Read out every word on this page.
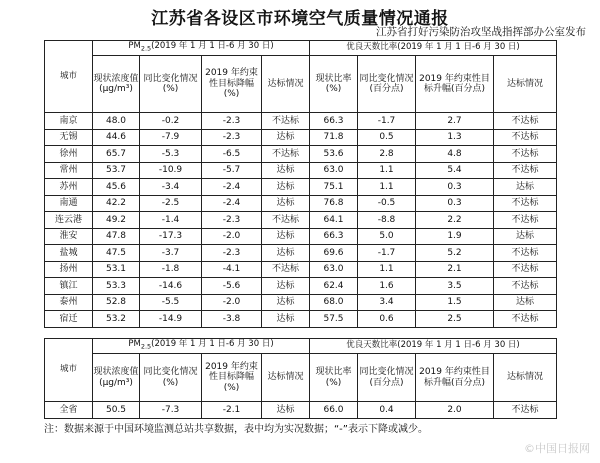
江苏省各设区市环境空气质量情况通报
江苏省打好污染防治攻坚战指挥部办公室发布
城市	$PM_{2.5}(2019$ 年 1 月 1 日-6 月 30 日)				优良天数比率(2019 年 1 月 1 日-6 月 30 日)			
	现状浓度值(μg/m³)	同比变化情况(%)	2019 年约束性目标降幅(%)	达标情况	现状比率(%)	同比变化情况(百分点)	2019 年约束性目标升幅(百分点)	达标情况
南京	48.0	-0.2	-2.3	不达标	66.3	-1.7	2.7	不达标
无锡	44.6	-7.9	-2.3	达标	71.8	0.5	1.3	不达标
徐州	65.7	-5.3	-6.5	不达标	53.6	2.8	4.8	不达标
常州	53.7	-10.9	-5.7	达标	63.0	1.1	5.4	不达标
苏州	45.6	-3.4	-2.4	达标	75.1	1.1	0.3	达标
南通	42.2	-2.5	-2.4	达标	76.8	-0.5	0.3	不达标
连云港	49.2	-1.4	-2.3	不达标	64.1	-8.8	2.2	不达标
淮安	47.8	-17.3	-2.0	达标	66.3	5.0	1.9	达标
盐城	47.5	-3.7	-2.3	达标	69.6	-1.7	5.2	不达标
扬州	53.1	-1.8	-4.1	不达标	63.0	1.1	2.1	不达标
镇江	53.3	-14.6	-5.6	达标	62.4	1.6	3.5	不达标
泰州	52.8	-5.5	-2.0	达标	68.0	3.4	1.5	达标
宿迁	53.2	-14.9	-3.8	达标	57.5	0.6	2.5	不达标
城市	$PM_{2.5}(2019$ 年 1 月 1 日-6 月 30 日)				优良天数比率(2019 年 1 月 1 日-6 月 30 日)			
	现状浓度值(μg/m³)	同比变化情况(%)	2019 年约束性目标降幅(%)	达标情况	现状比率(%)	同比变化情况(百分点)	2019 年约束性目标升幅(百分点)	达标情况
全省	50.5	-7.3	-2.1	达标	66.0	0.4	2.0	不达标
注：数据来源于中国环境监测总站共享数据，表中均为实况数据；“-”表示下降或减少。
©中国日报网
